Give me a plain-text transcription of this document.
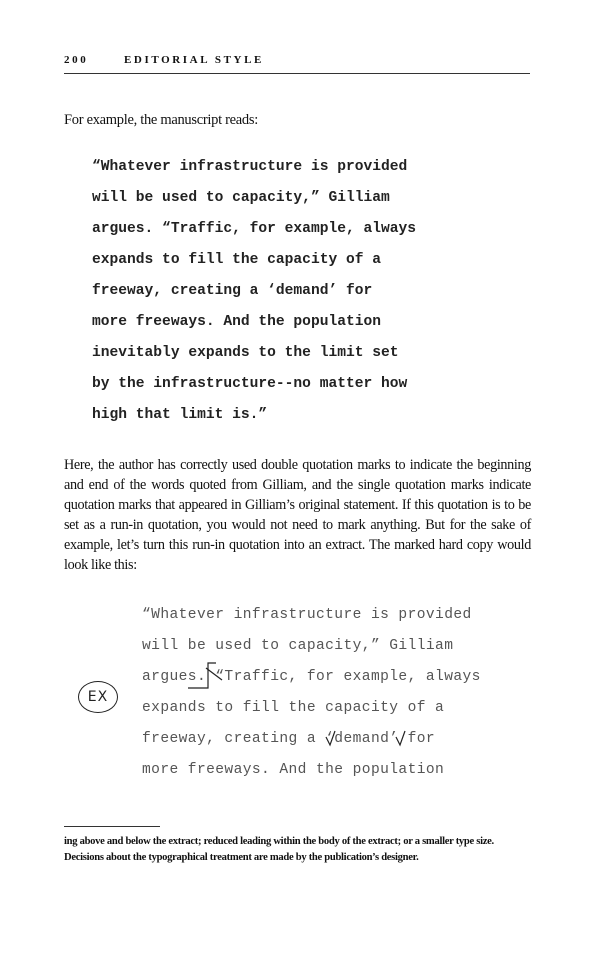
200	EDITORIAL STYLE
For example, the manuscript reads:
“Whatever infrastructure is provided
will be used to capacity,” Gilliam
argues. “Traffic, for example, always
expands to fill the capacity of a
freeway, creating a ‘demand’ for
more freeways. And the population
inevitably expands to the limit set
by the infrastructure--no matter how
high that limit is.”

Here, the author has correctly used double quotation marks to indicate the beginning and end of the words quoted from Gilliam, and the single quotation marks indicate quotation marks that appeared in Gilliam’s original statement. If this quotation is to be set as a run-in quotation, you would not need to mark anything. But for the sake of example, let’s turn this run-in quotation into an extract. The marked hard copy would look like this:

“Whatever infrastructure is provided
will be used to capacity,” Gilliam
argues. “Traffic, for example, always
expands to fill the capacity of a
freeway, creating a ‘demand’ for
more freeways. And the population
EX

ing above and below the extract; reduced leading within the body of the extract; or a smaller type size. Decisions about the typographical treatment are made by the publication’s designer.
